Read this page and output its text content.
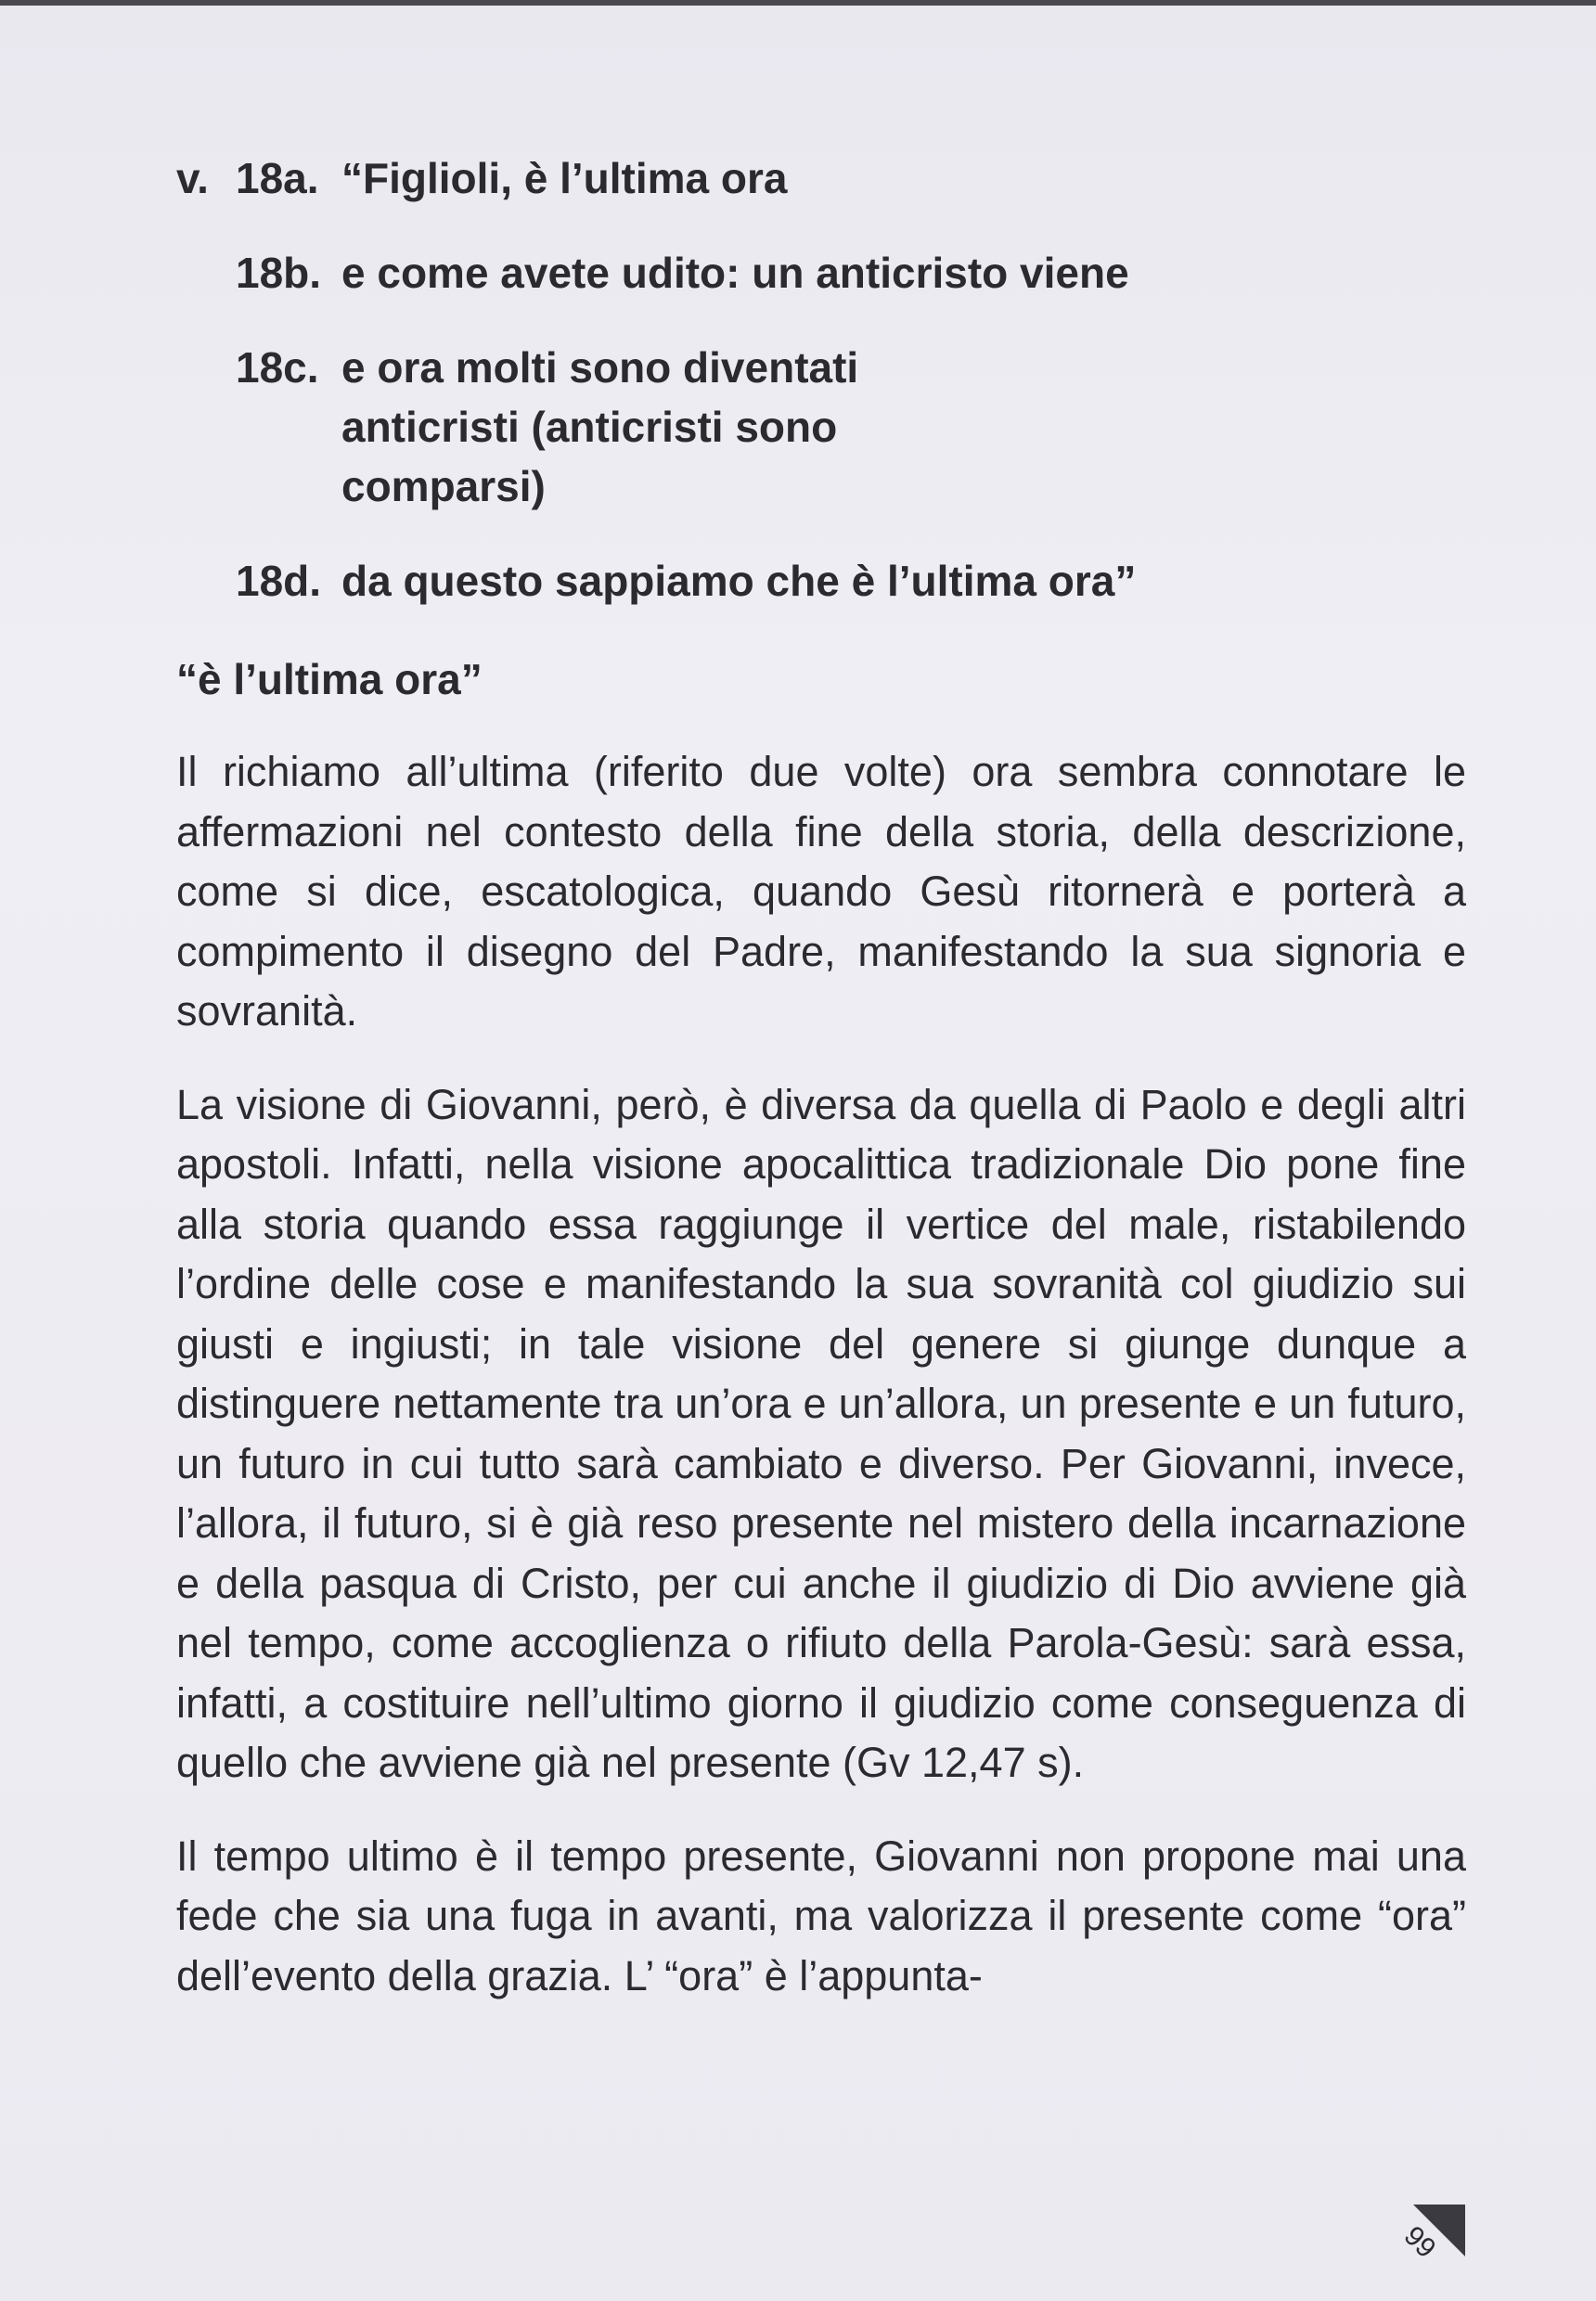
v. 18a. “Figlioli, è l’ultima ora
18b. e come avete udito: un anticristo viene
18c. e ora molti sono diventati anticristi (anticristi sono comparsi)
18d. da questo sappiamo che è l’ultima ora”
“è l’ultima ora”

Il richiamo all’ultima (riferito due volte) ora sembra connotare le affermazioni nel contesto della fine della storia, della descrizione, come si dice, escatologica, quando Gesù ritornerà e porterà a compimento il disegno del Padre, manifestando la sua signoria e sovranità.

La visione di Giovanni, però, è diversa da quella di Paolo e degli altri apostoli. Infatti, nella visione apocalittica tradizionale Dio pone fine alla storia quando essa raggiunge il vertice del male, ristabilendo l’ordine delle cose e manifestando la sua sovranità col giudizio sui giusti e ingiusti; in tale visione del genere si giunge dunque a distinguere nettamente tra un’ora e un’allora, un presente e un futuro, un futuro in cui tutto sarà cambiato e diverso. Per Giovanni, invece, l’allora, il futuro, si è già reso presente nel mistero della incarnazione e della pasqua di Cristo, per cui anche il giudizio di Dio avviene già nel tempo, come accoglienza o rifiuto della Parola-Gesù: sarà essa, infatti, a costituire nell’ultimo giorno il giudizio come conseguenza di quello che avviene già nel presente (Gv 12,47 s).

Il tempo ultimo è il tempo presente, Giovanni non propone mai una fede che sia una fuga in avanti, ma valorizza il presente come “ora” dell’evento della grazia. L’ “ora” è l’appunta-

99
